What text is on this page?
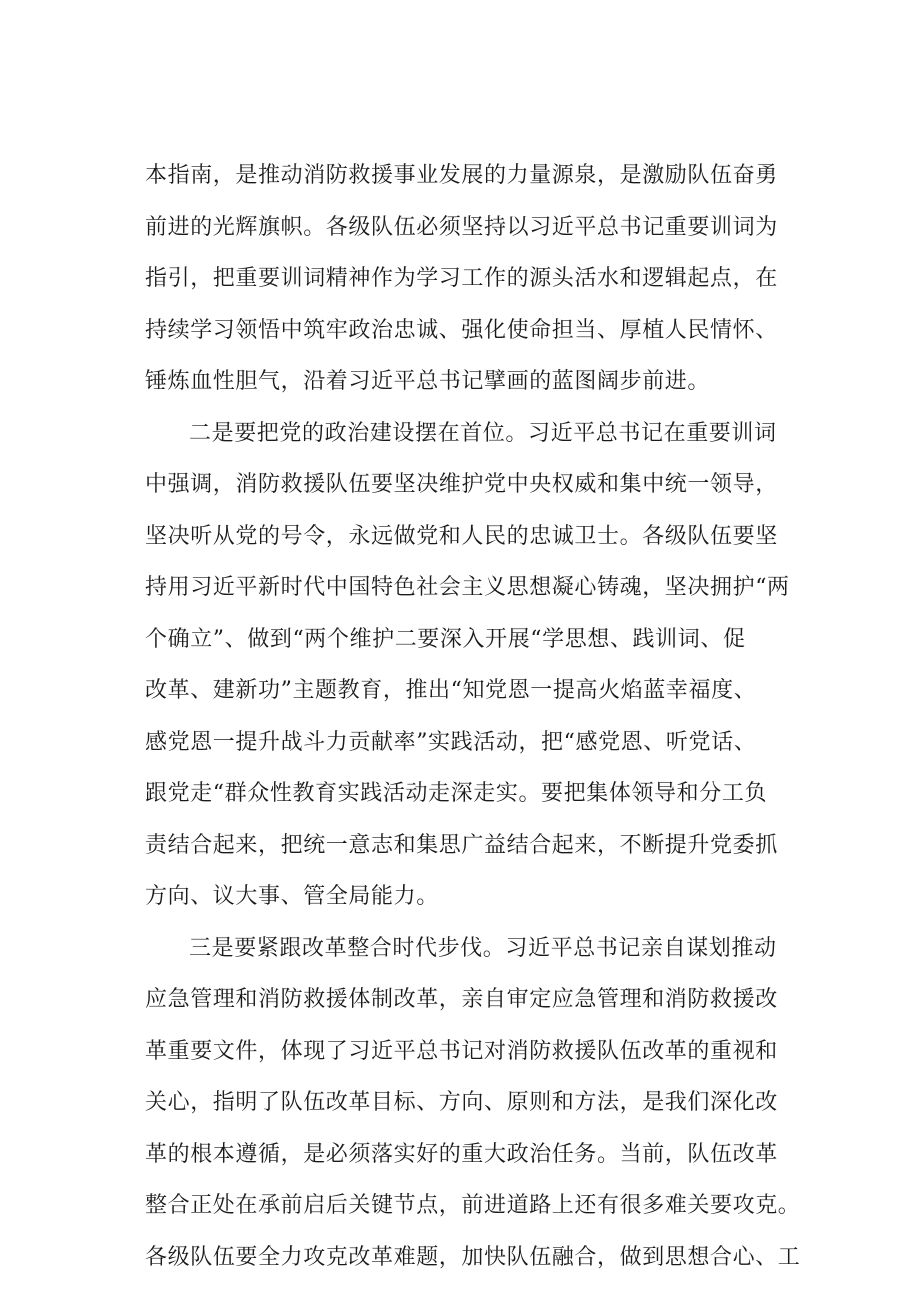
本指南，是推动消防救援事业发展的力量源泉，是激励队伍奋勇
前进的光辉旗帜。各级队伍必须坚持以习近平总书记重要训词为
指引，把重要训词精神作为学习工作的源头活水和逻辑起点，在
持续学习领悟中筑牢政治忠诚、强化使命担当、厚植人民情怀、
锤炼血性胆气，沿着习近平总书记擘画的蓝图阔步前进。
二是要把党的政治建设摆在首位。习近平总书记在重要训词
中强调，消防救援队伍要坚决维护党中央权威和集中统一领导，
坚决听从党的号令，永远做党和人民的忠诚卫士。各级队伍要坚
持用习近平新时代中国特色社会主义思想凝心铸魂，坚决拥护“两
个确立”、做到“两个维护二要深入开展“学思想、践训词、促
改革、建新功”主题教育，推出“知党恩一提高火焰蓝幸福度、
感党恩一提升战斗力贡献率”实践活动，把“感党恩、听党话、
跟党走“群众性教育实践活动走深走实。要把集体领导和分工负
责结合起来，把统一意志和集思广益结合起来，不断提升党委抓
方向、议大事、管全局能力。
三是要紧跟改革整合时代步伐。习近平总书记亲自谋划推动
应急管理和消防救援体制改革，亲自审定应急管理和消防救援改
革重要文件，体现了习近平总书记对消防救援队伍改革的重视和
关心，指明了队伍改革目标、方向、原则和方法，是我们深化改
革的根本遵循，是必须落实好的重大政治任务。当前，队伍改革
整合正处在承前启后关键节点，前进道路上还有很多难关要攻克。
各级队伍要全力攻克改革难题，加快队伍融合，做到思想合心、工
